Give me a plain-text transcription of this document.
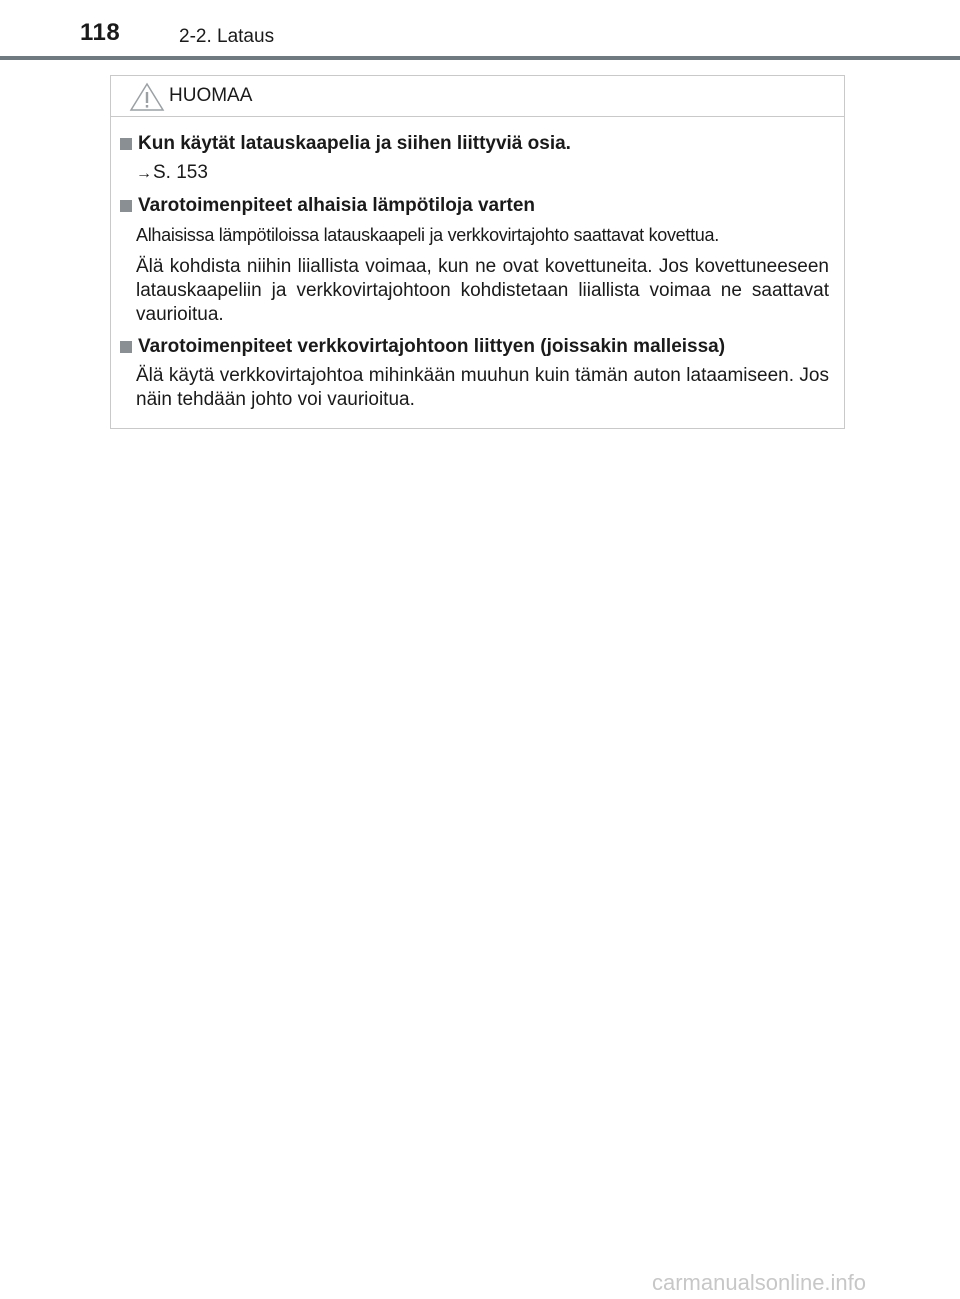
118	2-2. Lataus
HUOMAA
Kun käytät latauskaapelia ja siihen liittyviä osia.
→S. 153
Varotoimenpiteet alhaisia lämpötiloja varten
Alhaisissa lämpötiloissa latauskaapeli ja verkkovirtajohto saattavat kovettua.
Älä kohdista niihin liiallista voimaa, kun ne ovat kovettuneita. Jos kovettuneeseen latauskaapeliin ja verkkovirtajohtoon kohdistetaan liiallista voimaa ne saattavat vaurioitua.
Varotoimenpiteet verkkovirtajohtoon liittyen (joissakin malleissa)
Älä käytä verkkovirtajohtoa mihinkään muuhun kuin tämän auton lataamiseen. Jos näin tehdään johto voi vaurioitua.
carmanualsonline.info
